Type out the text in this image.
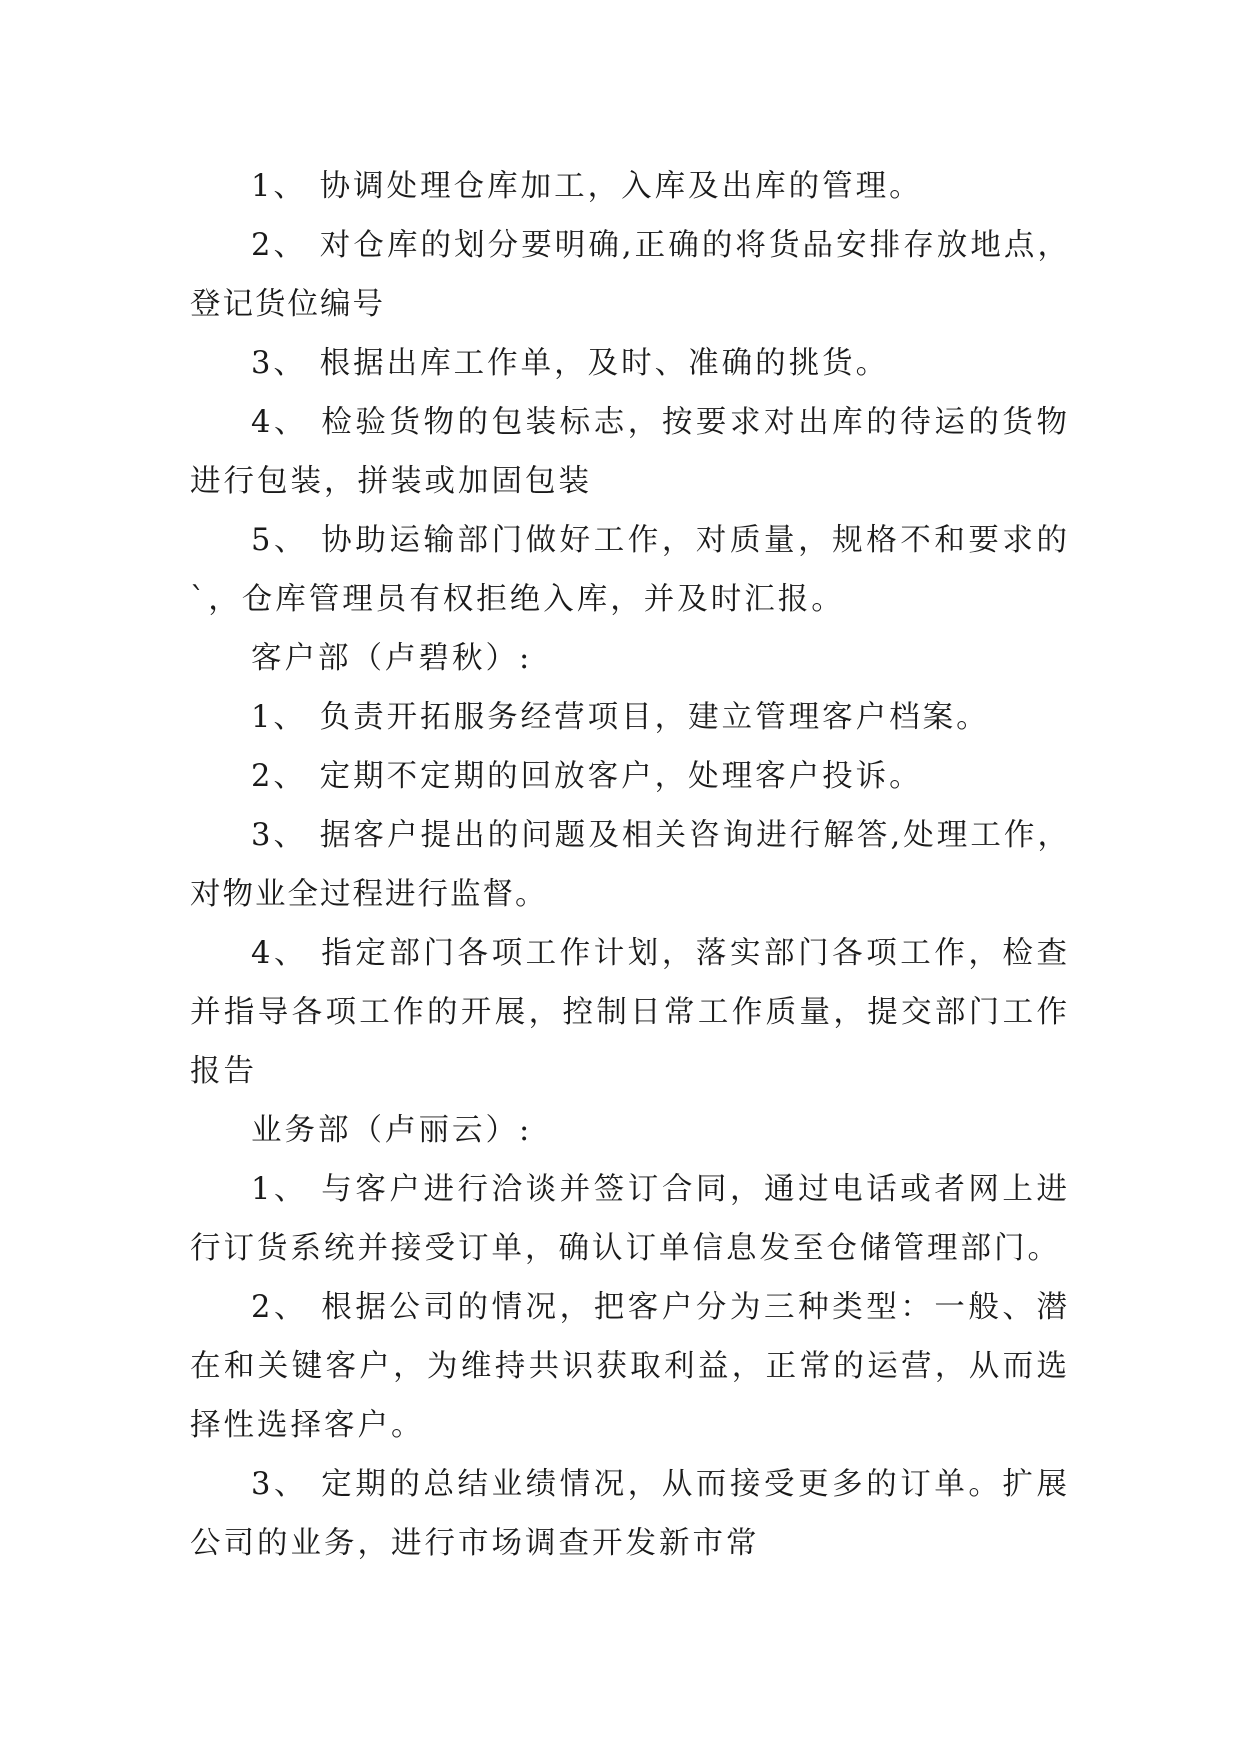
1、 协调处理仓库加工，入库及出库的管理。

2、 对仓库的划分要明确,正确的将货品安排存放地点，登记货位编号

3、 根据出库工作单，及时、准确的挑货。

4、 检验货物的包装标志，按要求对出库的待运的货物进行包装，拼装或加固包装

5、 协助运输部门做好工作，对质量，规格不和要求的`，仓库管理员有权拒绝入库，并及时汇报。

客户部（卢碧秋）:

1、 负责开拓服务经营项目，建立管理客户档案。

2、 定期不定期的回放客户，处理客户投诉。

3、 据客户提出的问题及相关咨询进行解答,处理工作，对物业全过程进行监督。

4、 指定部门各项工作计划，落实部门各项工作，检查并指导各项工作的开展，控制日常工作质量，提交部门工作报告

业务部（卢丽云）:

1、 与客户进行洽谈并签订合同，通过电话或者网上进行订货系统并接受订单，确认订单信息发至仓储管理部门。

2、 根据公司的情况，把客户分为三种类型：一般、潜在和关键客户，为维持共识获取利益，正常的运营，从而选择性选择客户。

3、 定期的总结业绩情况，从而接受更多的订单。扩展公司的业务，进行市场调查开发新市常
